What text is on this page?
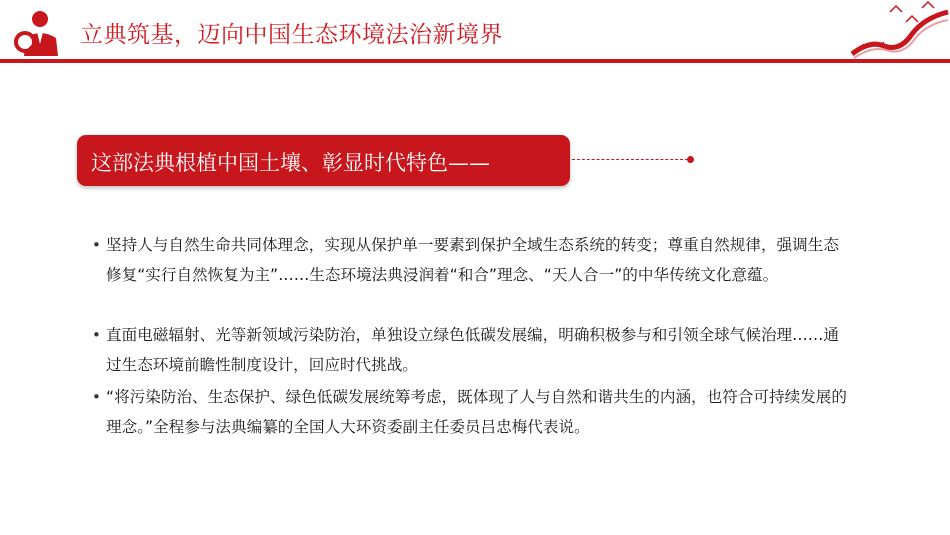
立典筑基，迈向中国生态环境法治新境界
这部法典根植中国土壤、彰显时代特色——
• 坚持人与自然生命共同体理念，实现从保护单一要素到保护全域生态系统的转变；尊重自然规律，强调生态修复“实行自然恢复为主”……生态环境法典浸润着“和合”理念、“天人合一”的中华传统文化意蕴。
• 直面电磁辐射、光等新领域污染防治，单独设立绿色低碳发展编，明确积极参与和引领全球气候治理……通过生态环境前瞻性制度设计，回应时代挑战。
• “将污染防治、生态保护、绿色低碳发展统筹考虑，既体现了人与自然和谐共生的内涵，也符合可持续发展的理念。”全程参与法典编纂的全国人大环资委副主任委员吕忠梅代表说。
